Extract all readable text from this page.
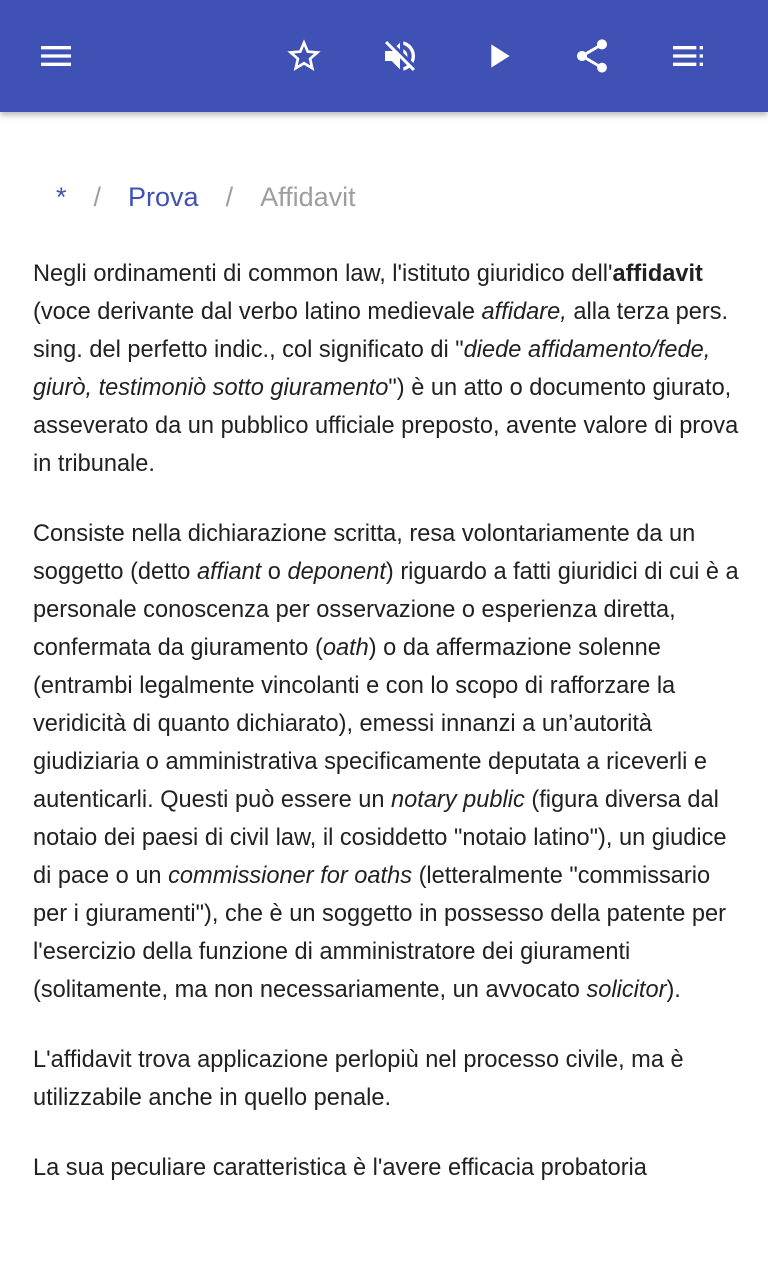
* / Prova / Affidavit

Negli ordinamenti di common law, l'istituto giuridico dell'affidavit (voce derivante dal verbo latino medievale affidare, alla terza pers. sing. del perfetto indic., col significato di "diede affidamento/fede, giurò, testimoniò sotto giuramento") è un atto o documento giurato, asseverato da un pubblico ufficiale preposto, avente valore di prova in tribunale.

Consiste nella dichiarazione scritta, resa volontariamente da un soggetto (detto affiant o deponent) riguardo a fatti giuridici di cui è a personale conoscenza per osservazione o esperienza diretta, confermata da giuramento (oath) o da affermazione solenne (entrambi legalmente vincolanti e con lo scopo di rafforzare la veridicità di quanto dichiarato), emessi innanzi a un’autorità giudiziaria o amministrativa specificamente deputata a riceverli e autenticarli. Questi può essere un notary public (figura diversa dal notaio dei paesi di civil law, il cosiddetto "notaio latino"), un giudice di pace o un commissioner for oaths (letteralmente "commissario per i giuramenti"), che è un soggetto in possesso della patente per l'esercizio della funzione di amministratore dei giuramenti (solitamente, ma non necessariamente, un avvocato solicitor).

L'affidavit trova applicazione perlopiù nel processo civile, ma è utilizzabile anche in quello penale.

La sua peculiare caratteristica è l'avere efficacia probatoria
